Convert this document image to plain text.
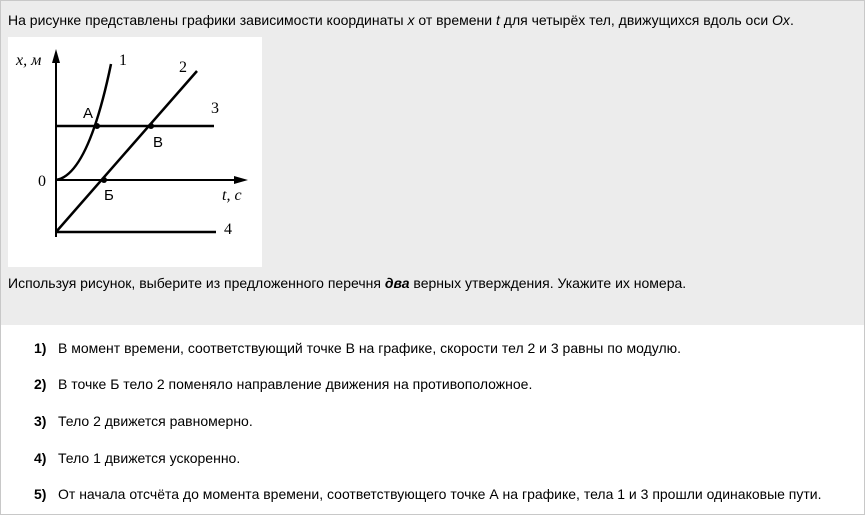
На рисунке представлены графики зависимости координаты x от времени t для четырёх тел, движущихся вдоль оси Ox.
x, м
t, с
0
1	2
3
4
А
В
Б
Используя рисунок, выберите из предложенного перечня два верных утверждения. Укажите их номера.
1) В момент времени, соответствующий точке В на графике, скорости тел 2 и 3 равны по модулю.
2) В точке Б тело 2 поменяло направление движения на противоположное.
3) Тело 2 движется равномерно.
4) Тело 1 движется ускоренно.
5) От начала отсчёта до момента времени, соответствующего точке А на графике, тела 1 и 3 прошли одинаковые пути.
